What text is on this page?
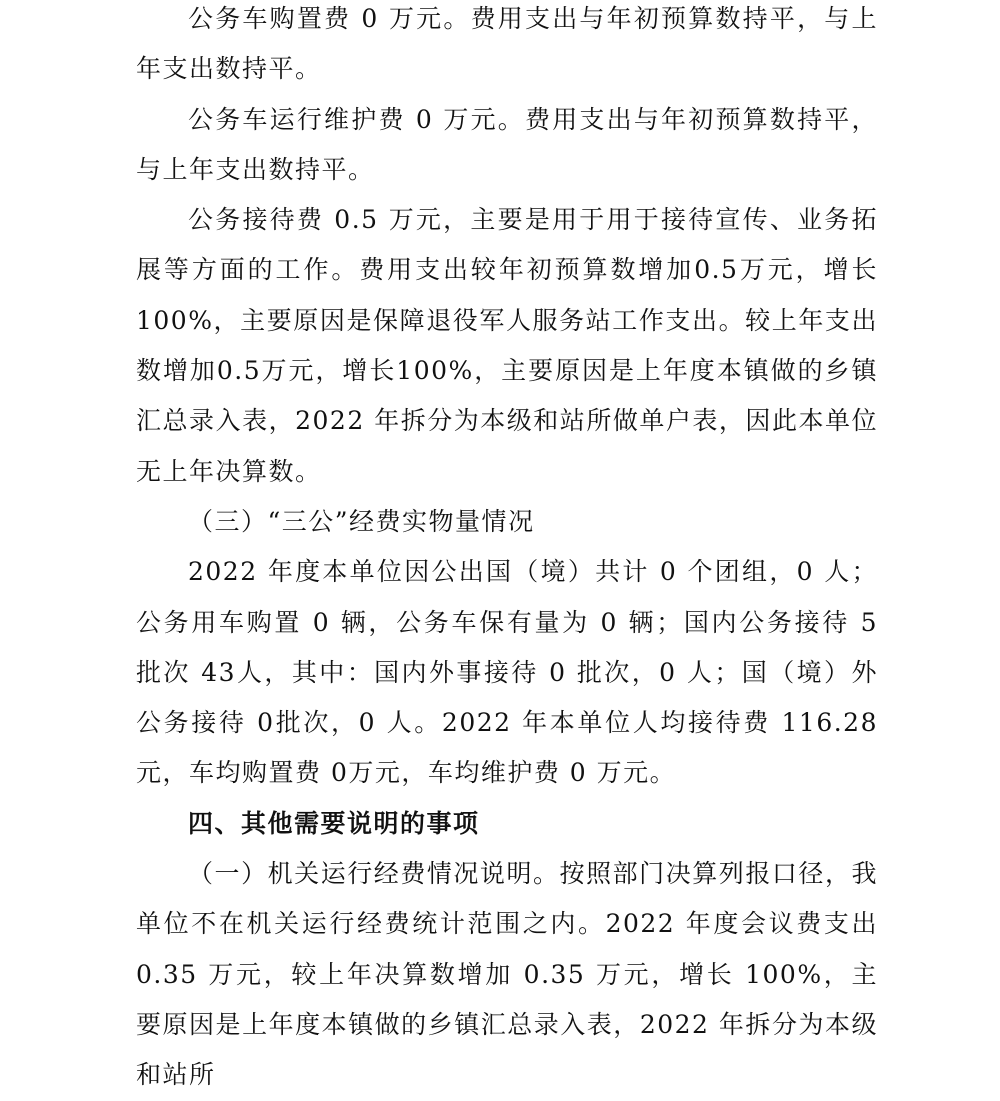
公务车购置费 0 万元。费用支出与年初预算数持平，与上年支出数持平。

公务车运行维护费 0 万元。费用支出与年初预算数持平，与上年支出数持平。

公务接待费 0.5 万元，主要是用于用于接待宣传、业务拓展等方面的工作。费用支出较年初预算数增加0.5万元，增长100%，主要原因是保障退役军人服务站工作支出。较上年支出数增加0.5万元，增长100%，主要原因是上年度本镇做的乡镇汇总录入表，2022 年拆分为本级和站所做单户表，因此本单位无上年决算数。

（三）“三公”经费实物量情况

2022 年度本单位因公出国（境）共计 0 个团组，0 人；公务用车购置 0 辆，公务车保有量为 0 辆；国内公务接待 5 批次 43人，其中：国内外事接待 0 批次，0 人；国（境）外公务接待 0批次，0 人。2022 年本单位人均接待费 116.28 元，车均购置费 0万元，车均维护费 0 万元。

四、其他需要说明的事项

（一）机关运行经费情况说明。按照部门决算列报口径，我单位不在机关运行经费统计范围之内。2022 年度会议费支出0.35 万元，较上年决算数增加 0.35 万元，增长 100%，主要原因是上年度本镇做的乡镇汇总录入表，2022 年拆分为本级和站所
